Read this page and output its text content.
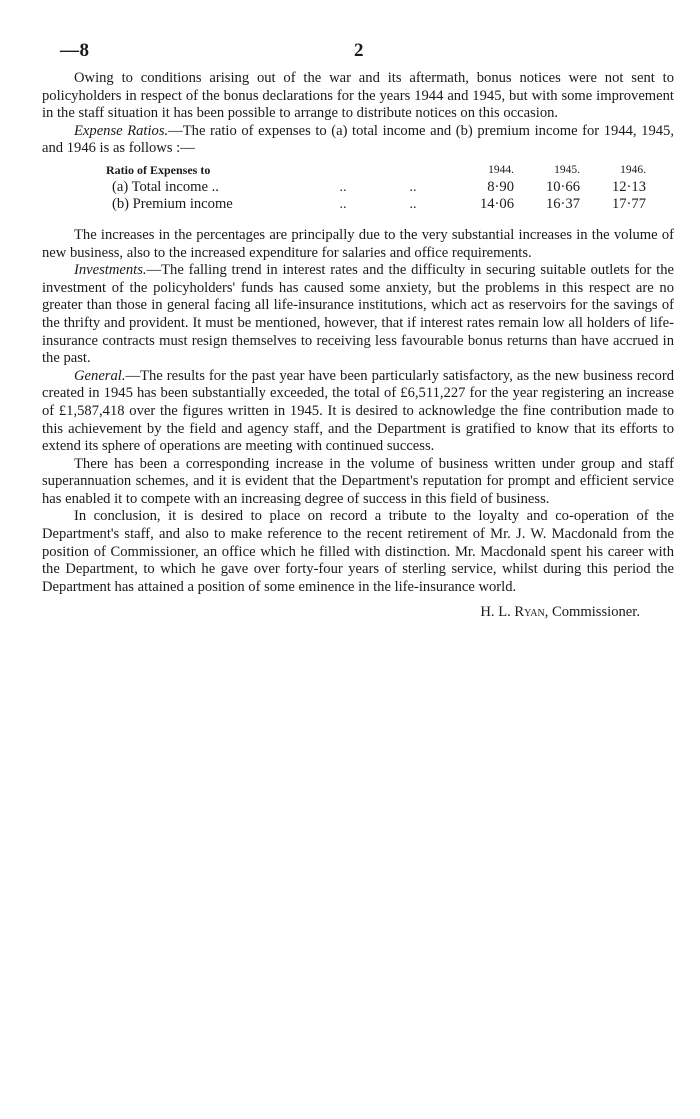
—8	2

Owing to conditions arising out of the war and its aftermath, bonus notices were not sent to policyholders in respect of the bonus declarations for the years 1944 and 1945, but with some improvement in the staff situation it has been possible to arrange to distribute notices on this occasion.

Expense Ratios.—The ratio of expenses to (a) total income and (b) premium income for 1944, 1945, and 1946 is as follows :—

Ratio of Expenses to			1944.	1945.	1946.
(a) Total income ..	..	..	8·90	10·66	12·13
(b) Premium income	..	..	14·06	16·37	17·77

The increases in the percentages are principally due to the very substantial increases in the volume of new business, also to the increased expenditure for salaries and office requirements.

Investments.—The falling trend in interest rates and the difficulty in securing suitable outlets for the investment of the policyholders' funds has caused some anxiety, but the problems in this respect are no greater than those in general facing all life-insurance institutions, which act as reservoirs for the savings of the thrifty and provident. It must be mentioned, however, that if interest rates remain low all holders of life-insurance contracts must resign themselves to receiving less favourable bonus returns than have accrued in the past.

General.—The results for the past year have been particularly satisfactory, as the new business record created in 1945 has been substantially exceeded, the total of £6,511,227 for the year registering an increase of £1,587,418 over the figures written in 1945. It is desired to acknowledge the fine contribution made to this achievement by the field and agency staff, and the Department is gratified to know that its efforts to extend its sphere of operations are meeting with continued success.

There has been a corresponding increase in the volume of business written under group and staff superannuation schemes, and it is evident that the Department's reputation for prompt and efficient service has enabled it to compete with an increasing degree of success in this field of business.

In conclusion, it is desired to place on record a tribute to the loyalty and co-operation of the Department's staff, and also to make reference to the recent retirement of Mr. J. W. Macdonald from the position of Commissioner, an office which he filled with distinction. Mr. Macdonald spent his career with the Department, to which he gave over forty-four years of sterling service, whilst during this period the Department has attained a position of some eminence in the life-insurance world.

H. L. Ryan, Commissioner.
